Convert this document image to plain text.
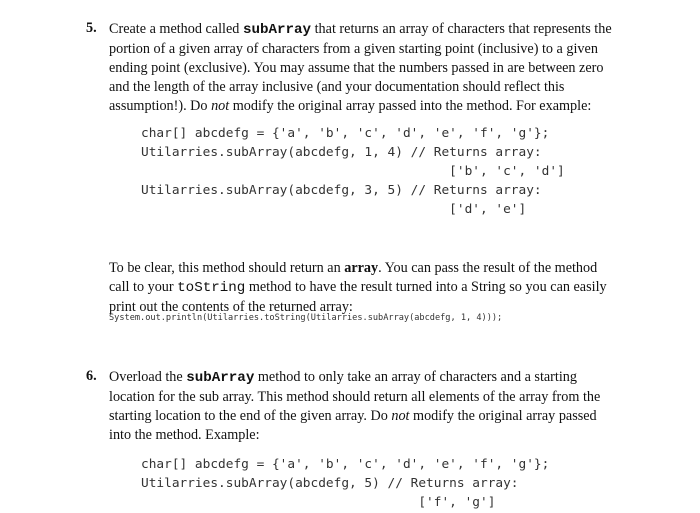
5. Create a method called subArray that returns an array of characters that represents the portion of a given array of characters from a given starting point (inclusive) to a given ending point (exclusive). You may assume that the numbers passed in are between zero and the length of the array inclusive (and your documentation should reflect this assumption!). Do not modify the original array passed into the method. For example:
char[] abcdefg = {'a', 'b', 'c', 'd', 'e', 'f', 'g'};
Utilarries.subArray(abcdefg, 1, 4) // Returns array:
['b', 'c', 'd']
Utilarries.subArray(abcdefg, 3, 5) // Returns array:
['d', 'e']
To be clear, this method should return an array. You can pass the result of the method call to your toString method to have the result turned into a String so you can easily print out the contents of the returned array:
System.out.println(Utilarries.toString(Utilarries.subArray(abcdefg, 1, 4)));
6. Overload the subArray method to only take an array of characters and a starting location for the sub array. This method should return all elements of the array from the starting location to the end of the given array. Do not modify the original array passed into the method. Example:
char[] abcdefg = {'a', 'b', 'c', 'd', 'e', 'f', 'g'};
Utilarries.subArray(abcdefg, 5) // Returns array:
['f', 'g']
